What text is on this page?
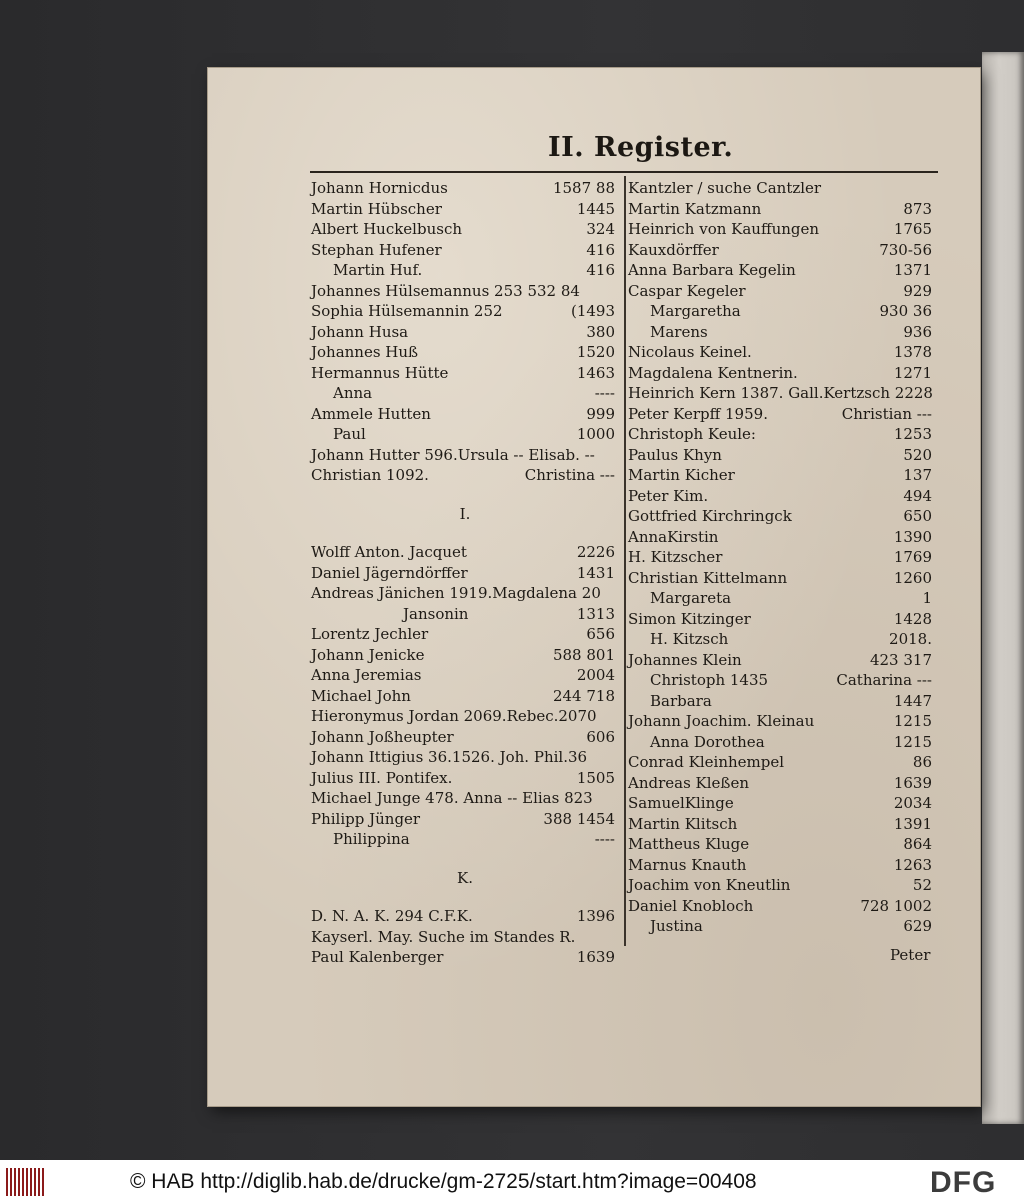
II. Register.
Johann Hornicdus	1587 88
Martin Hübscher	1445
Albert Huckelbusch	324
Stephan Hufener	416
Martin Huf.	416
Johannes Hülsemannus 253 532 84
Sophia Hülsemannin 252	(1493
Johann Husa	380
Johannes Huß	1520
Hermannus Hütte	1463
Anna	----
Ammele Hutten	999
Paul	1000
Johann Hutter 596.Ursula -- Elisab. --
Christian 1092.	Christina ---
I.
Wolff Anton. Jacquet	2226
Daniel Jägerndörffer	1431
Andreas Jänichen 1919.Magdalena 20
Jansonin	1313
Lorentz Jechler	656
Johann Jenicke	588 801
Anna Jeremias	2004
Michael John	244 718
Hieronymus Jordan 2069.Rebec.2070
Johann Joßheupter	606
Johann Ittigius 36.1526. Joh. Phil.36
Julius III. Pontifex.	1505
Michael Junge 478. Anna -- Elias 823
Philipp Jünger	388 1454
Philippina	----
K.
D. N. A. K. 294 C.F.K.	1396
Kayserl. May. Suche im Standes R.
Paul Kalenberger	1639
Kantzler / suche Cantzler
Martin Katzmann	873
Heinrich von Kauffungen	1765
Kauxdörffer	730-56
Anna Barbara Kegelin	1371
Caspar Kegeler	929
Margaretha	930 36
Marens	936
Nicolaus Keinel.	1378
Magdalena Kentnerin.	1271
Heinrich Kern 1387. Gall.Kertzsch 2228
Peter Kerpff 1959.	Christian ---
Christoph Keule:	1253
Paulus Khyn	520
Martin Kicher	137
Peter Kim.	494
Gottfried Kirchringck	650
AnnaKirstin	1390
H. Kitzscher	1769
Christian Kittelmann	1260
Margareta	1
Simon Kitzinger	1428
H. Kitzsch	2018.
Johannes Klein	423 317
Christoph 1435	Catharina ---
Barbara	1447
Johann Joachim. Kleinau	1215
Anna Dorothea	1215
Conrad Kleinhempel	86
Andreas Kleßen	1639
SamuelKlinge	2034
Martin Klitsch	1391
Mattheus Kluge	864
Marnus Knauth	1263
Joachim von Kneutlin	52
Daniel Knobloch	728 1002
Justina	629
Peter
© HAB http://diglib.hab.de/drucke/gm-2725/start.htm?image=00408	DFG
